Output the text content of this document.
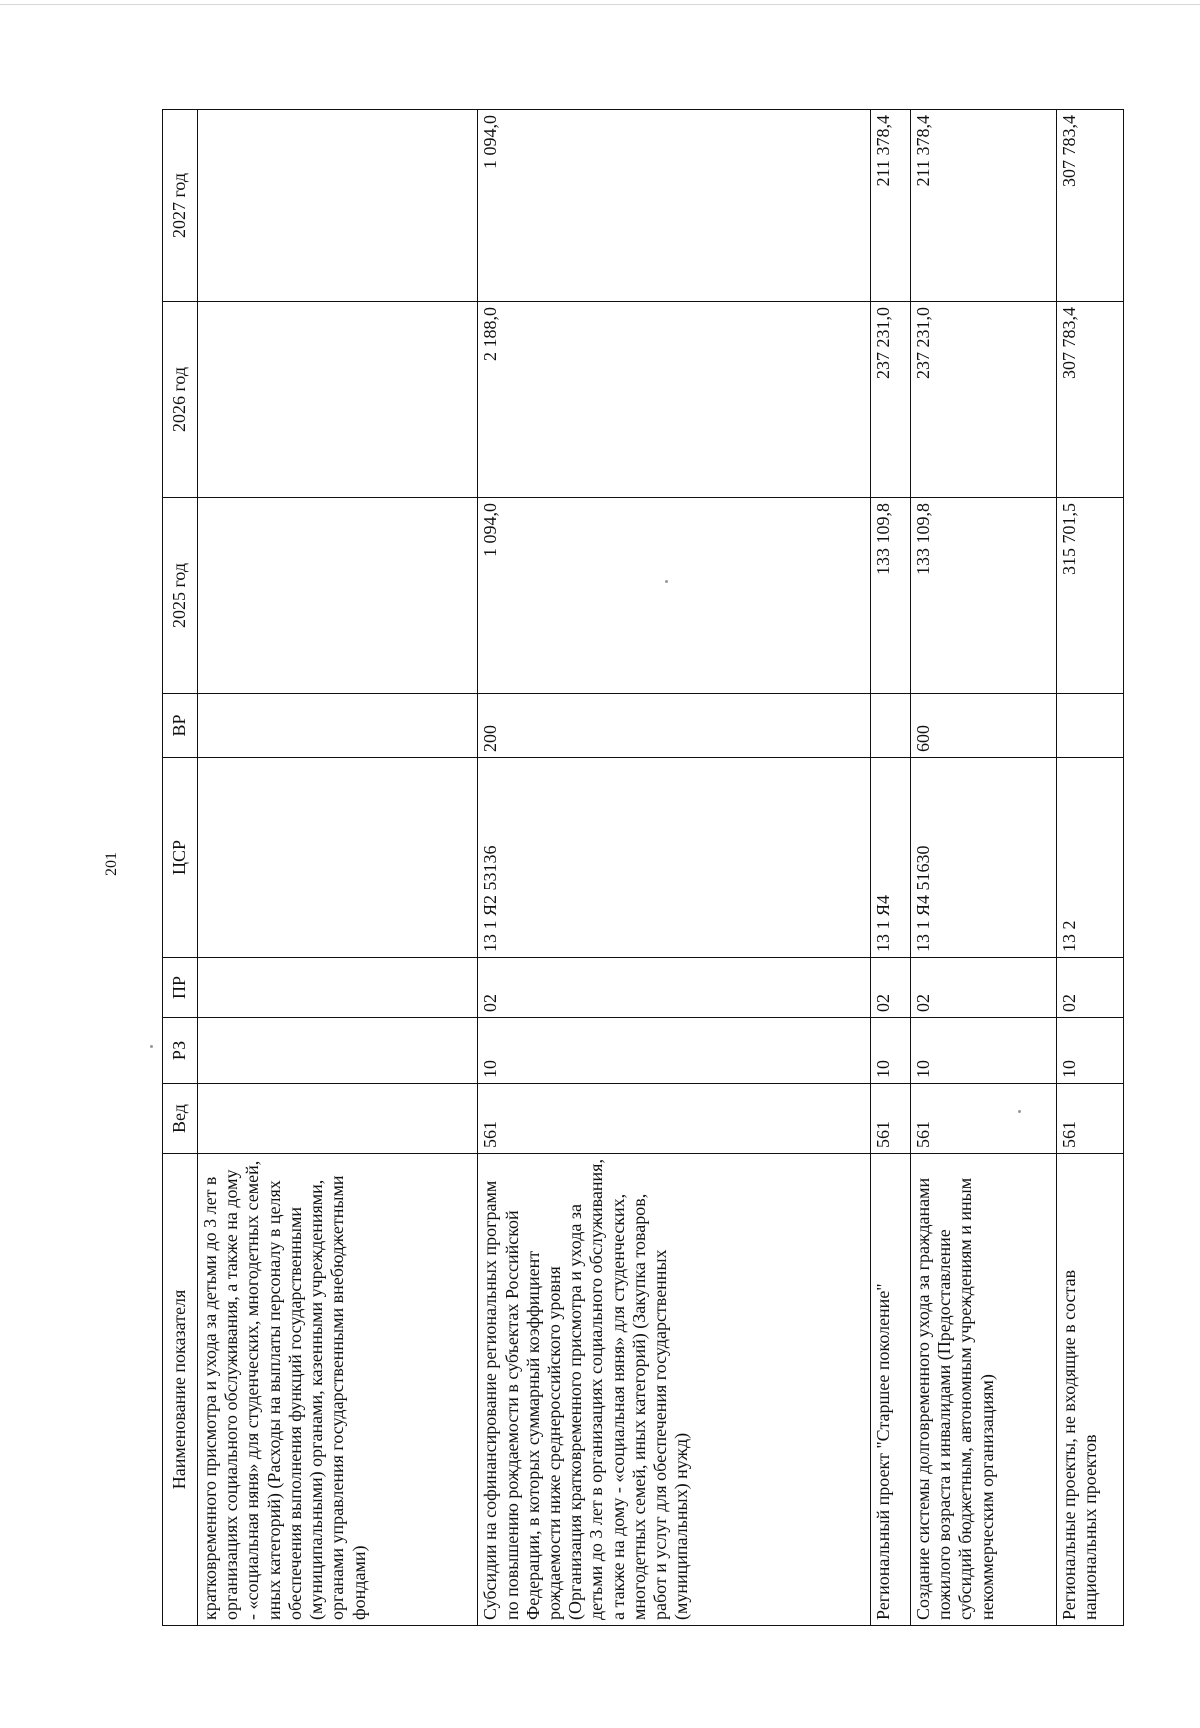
201
Наименование показателя	Вед	РЗ	ПР	ЦСР	ВР	2025 год	2026 год	2027 год
кратковременного присмотра и ухода за детьми до 3 лет в организациях социального обслуживания, а также на дому - «социальная няня» для студенческих, многодетных семей, иных категорий) (Расходы на выплаты персоналу в целях обеспечения выполнения функций государственными (муниципальными) органами, казенными учреждениями, органами управления государственными внебюджетными фондами)								
Субсидии на софинансирование региональных программ по повышению рождаемости в субъектах Российской Федерации, в которых суммарный коэффициент рождаемости ниже среднероссийского уровня (Организация кратковременного присмотра и ухода за детьми до 3 лет в организациях социального обслуживания, а также на дому - «социальная няня» для студенческих, многодетных семей, иных категорий) (Закупка товаров, работ и услуг для обеспечения государственных (муниципальных) нужд)	561	10	02	13 1 Я2 53136	200	1 094,0	2 188,0	1 094,0
Региональный проект "Старшее поколение"	561	10	02	13 1 Я4		133 109,8	237 231,0	211 378,4
Создание системы долговременного ухода за гражданами пожилого возраста и инвалидами (Предоставление субсидий бюджетным, автономным учреждениям и иным некоммерческим организациям)	561	10	02	13 1 Я4 51630	600	133 109,8	237 231,0	211 378,4
Региональные проекты, не входящие в состав национальных проектов	561	10	02	13 2		315 701,5	307 783,4	307 783,4
